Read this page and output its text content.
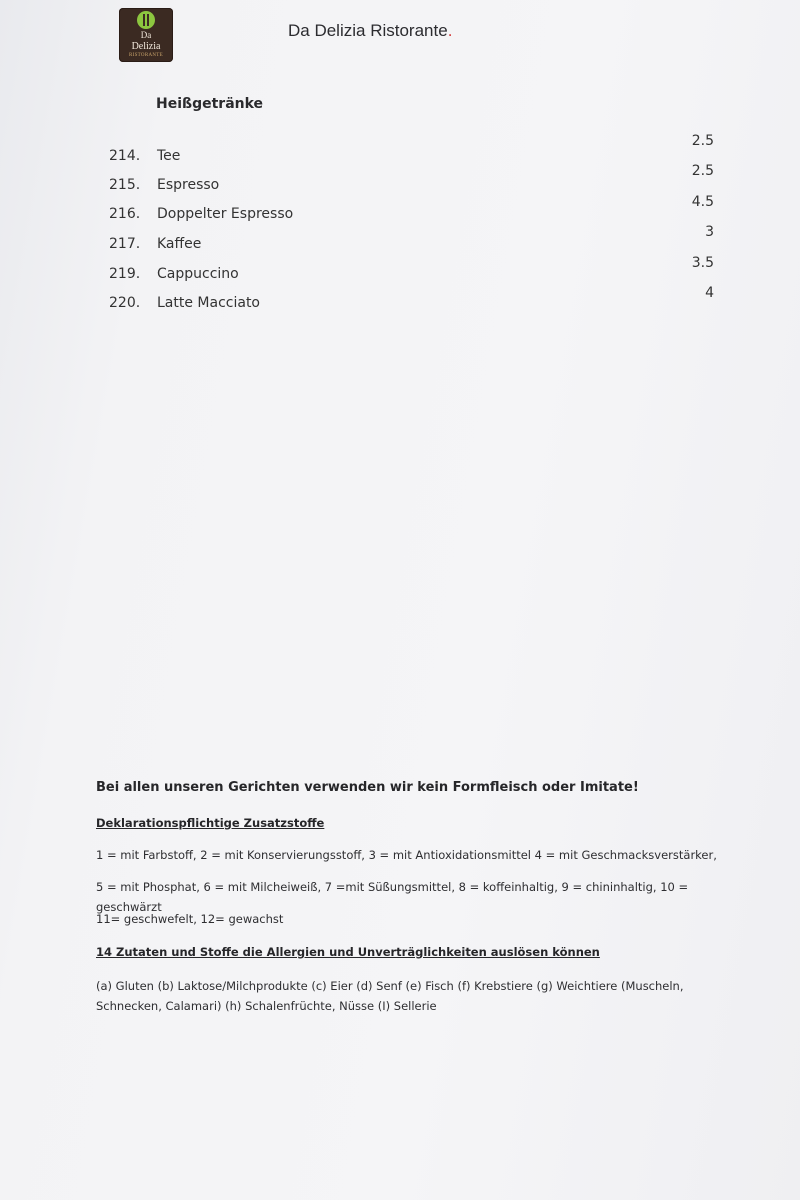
Da
Delizia
RISTORANTE
Da Delizia Ristorante.
Heißgetränke
214. Tee
215. Espresso
216. Doppelter Espresso
217. Kaffee
219. Cappuccino
220. Latte Macciato
2.5
2.5
4.5
3
3.5
4
Bei allen unseren Gerichten verwenden wir kein Formfleisch oder Imitate!
Deklarationspflichtige Zusatzstoffe
1 = mit Farbstoff, 2 = mit Konservierungsstoff, 3 = mit Antioxidationsmittel 4 = mit Geschmacksverstärker,
5 = mit Phosphat, 6 = mit Milcheiweiß, 7 =mit Süßungsmittel, 8 = koffeinhaltig, 9 = chininhaltig, 10 = geschwärzt
11= geschwefelt, 12= gewachst
14 Zutaten und Stoffe die Allergien und Unverträglichkeiten auslösen können
(a) Gluten (b) Laktose/Milchprodukte (c) Eier (d) Senf (e) Fisch (f) Krebstiere (g) Weichtiere (Muscheln, Schnecken, Calamari) (h) Schalenfrüchte, Nüsse (I) Sellerie
